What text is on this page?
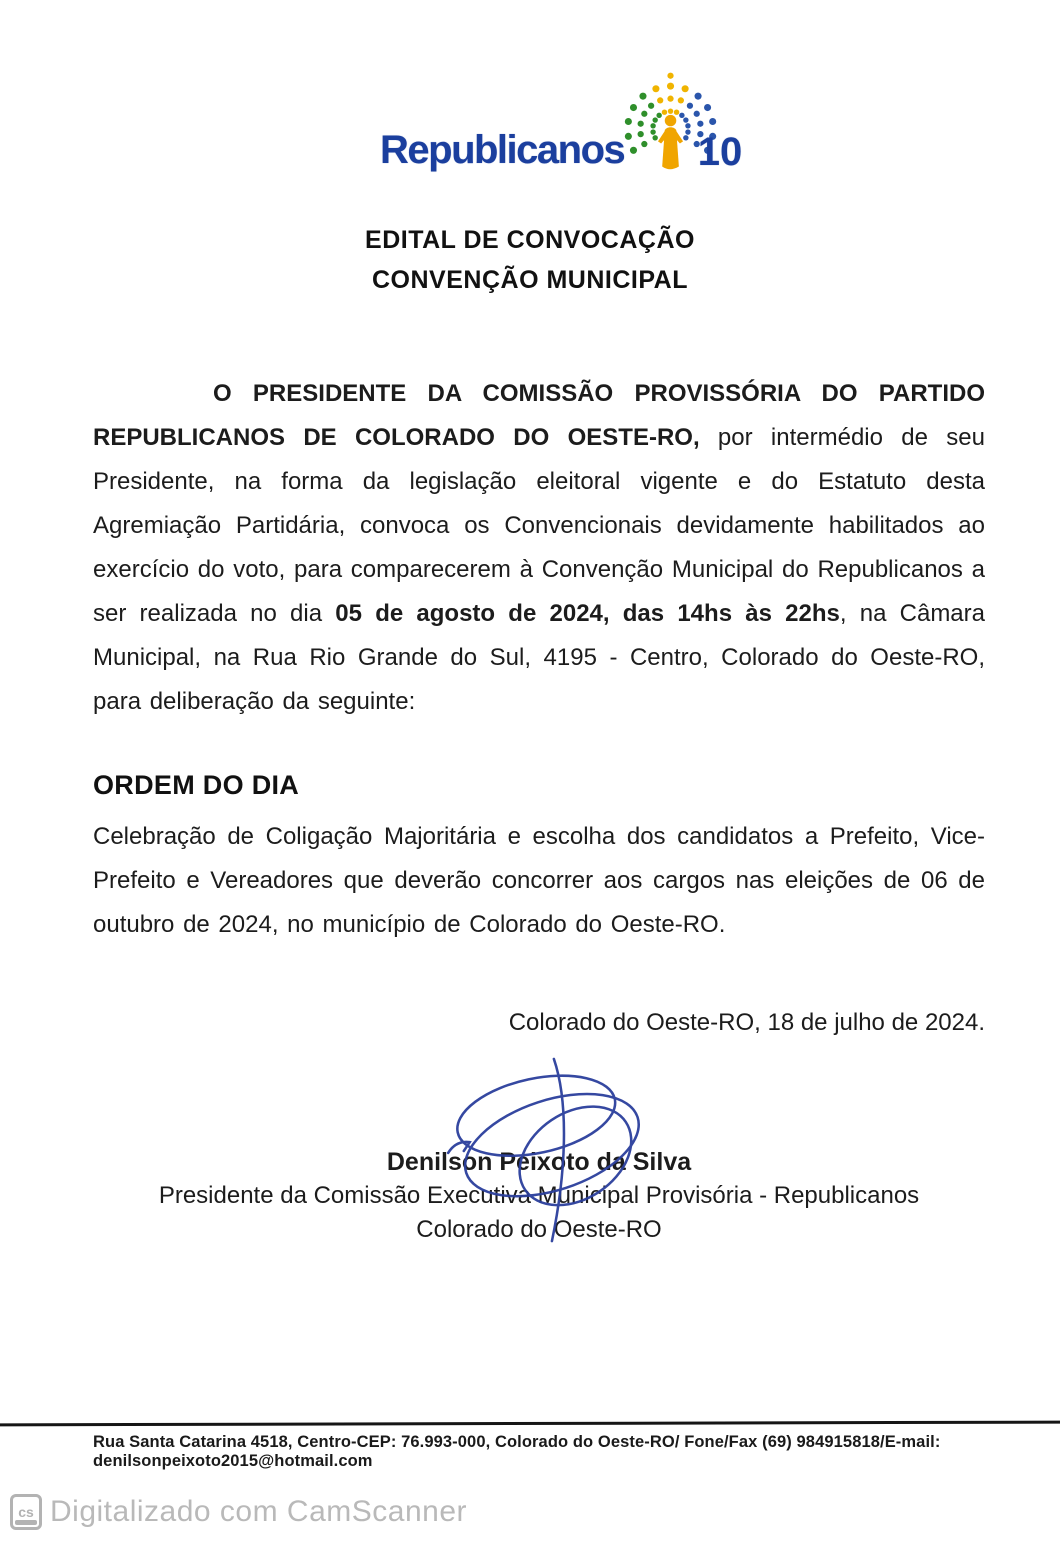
Republicanos 10
EDITAL DE CONVOCAÇÃO
CONVENÇÃO MUNICIPAL

O PRESIDENTE DA COMISSÃO PROVISSÓRIA DO PARTIDO REPUBLICANOS DE COLORADO DO OESTE-RO, por intermédio de seu Presidente, na forma da legislação eleitoral vigente e do Estatuto desta Agremiação Partidária, convoca os Convencionais devidamente habilitados ao exercício do voto, para comparecerem à Convenção Municipal do Republicanos a ser realizada no dia 05 de agosto de 2024, das 14hs às 22hs, na Câmara Municipal, na Rua Rio Grande do Sul, 4195 - Centro, Colorado do Oeste-RO, para deliberação da seguinte:

ORDEM DO DIA

Celebração de Coligação Majoritária e escolha dos candidatos a Prefeito, Vice-Prefeito e Vereadores que deverão concorrer aos cargos nas eleições de 06 de outubro de 2024, no município de Colorado do Oeste-RO.

Colorado do Oeste-RO, 18 de julho de 2024.

Denilson Peixoto da Silva
Presidente da Comissão Executiva Municipal Provisória - Republicanos
Colorado do Oeste-RO
Rua Santa Catarina 4518, Centro-CEP: 76.993-000, Colorado do Oeste-RO/ Fone/Fax (69) 984915818/E-mail: denilsonpeixoto2015@hotmail.com
cs Digitalizado com CamScanner
